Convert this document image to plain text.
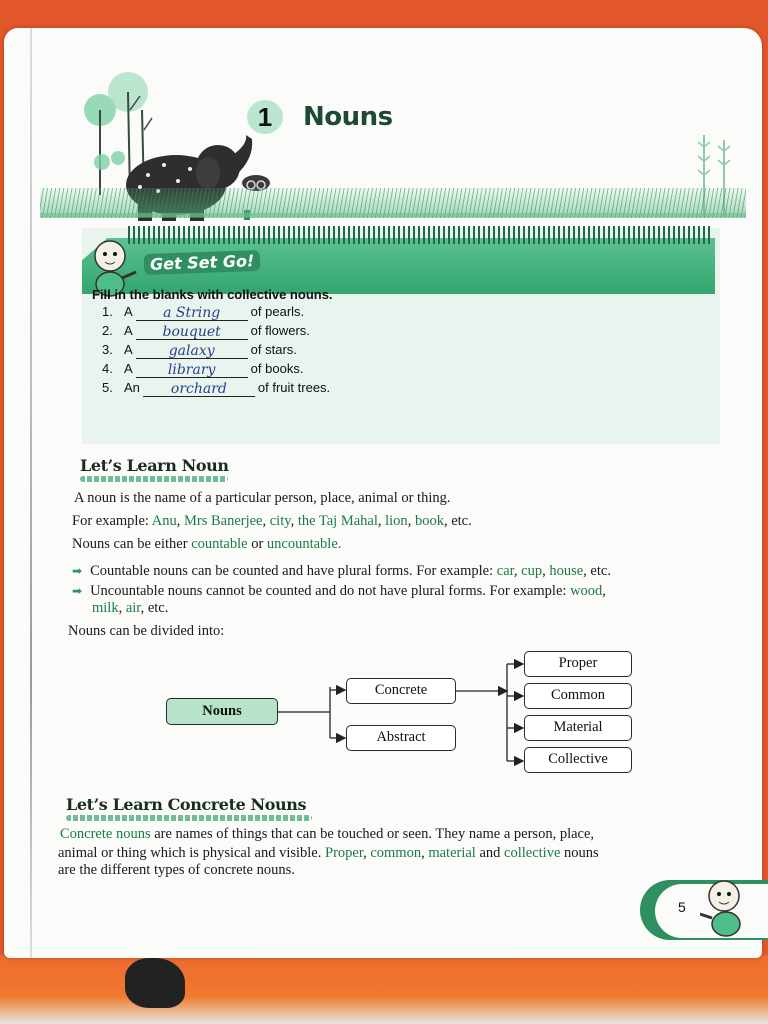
1	Nouns
Get Set Go!
Fill in the blanks with collective nouns.
1. A	a String	of pearls.
2. A	bouquet	of flowers.
3. A	galaxy	of stars.
4. A	library	of books.
5. An	orchard	of fruit trees.
Let’s Learn Noun
A noun is the name of a particular person, place, animal or thing.
For example: Anu, Mrs Banerjee, city, the Taj Mahal, lion, book, etc.
Nouns can be either countable or uncountable.
➡ Countable nouns can be counted and have plural forms. For example: car, cup, house, etc.
➡ Uncountable nouns cannot be counted and do not have plural forms. For example: wood,
milk, air, etc.
Nouns can be divided into:
Nouns
Concrete
Abstract
Proper
Common
Material
Collective
Let’s Learn Concrete Nouns
Concrete nouns are names of things that can be touched or seen. They name a person, place,
animal or thing which is physical and visible. Proper, common, material and collective nouns
are the different types of concrete nouns.
5
